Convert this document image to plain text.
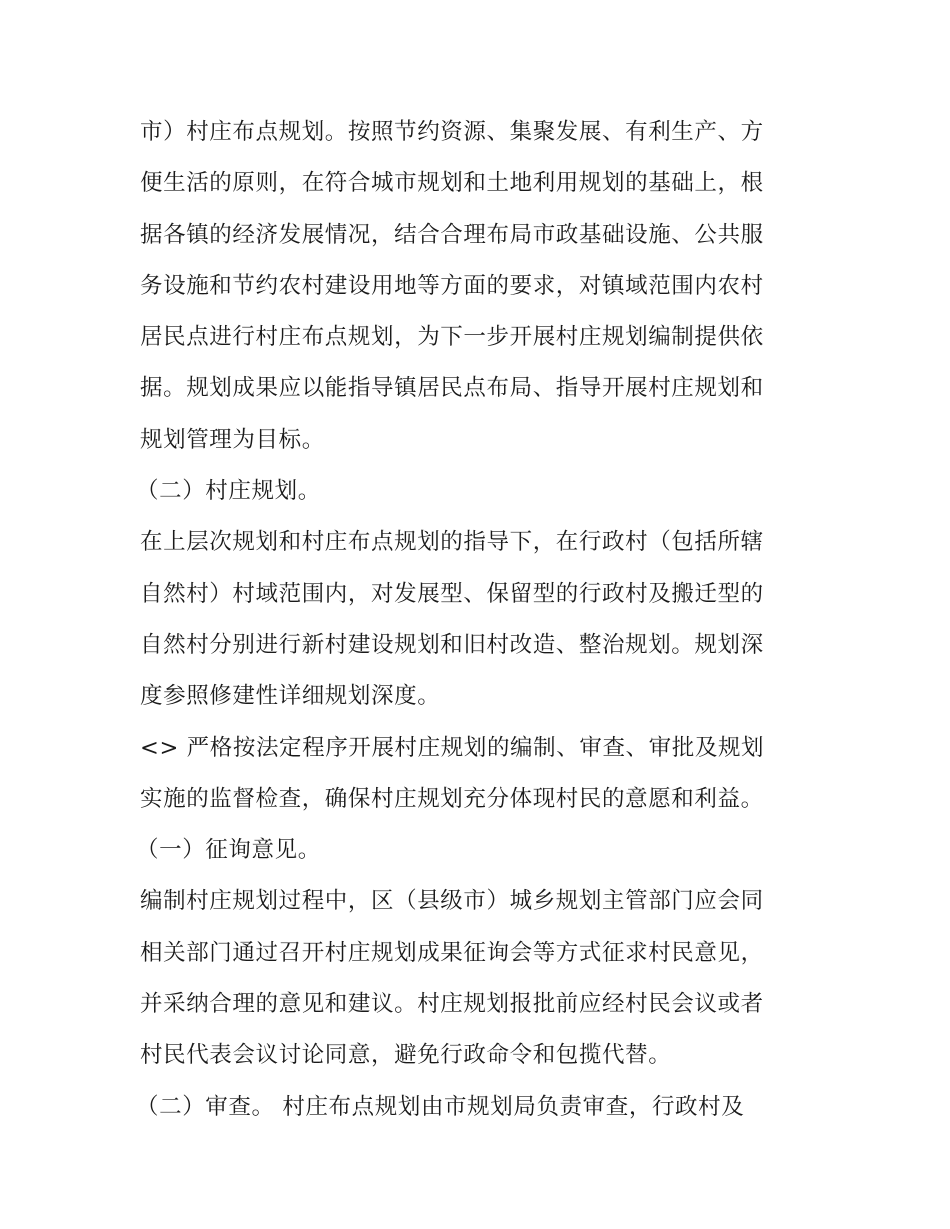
市）村庄布点规划。按照节约资源、集聚发展、有利生产、方
便生活的原则，在符合城市规划和土地利用规划的基础上，根
据各镇的经济发展情况，结合合理布局市政基础设施、公共服
务设施和节约农村建设用地等方面的要求，对镇域范围内农村
居民点进行村庄布点规划，为下一步开展村庄规划编制提供依
据。规划成果应以能指导镇居民点布局、指导开展村庄规划和
规划管理为目标。
（二）村庄规划。
在上层次规划和村庄布点规划的指导下，在行政村（包括所辖
自然村）村域范围内，对发展型、保留型的行政村及搬迁型的
自然村分别进行新村建设规划和旧村改造、整治规划。规划深
度参照修建性详细规划深度。
<> 严格按法定程序开展村庄规划的编制、审查、审批及规划
实施的监督检查，确保村庄规划充分体现村民的意愿和利益。
（一）征询意见。
编制村庄规划过程中，区（县级市）城乡规划主管部门应会同
相关部门通过召开村庄规划成果征询会等方式征求村民意见，
并采纳合理的意见和建议。村庄规划报批前应经村民会议或者
村民代表会议讨论同意，避免行政命令和包揽代替。
（二）审查。 村庄布点规划由市规划局负责审查，行政村及
